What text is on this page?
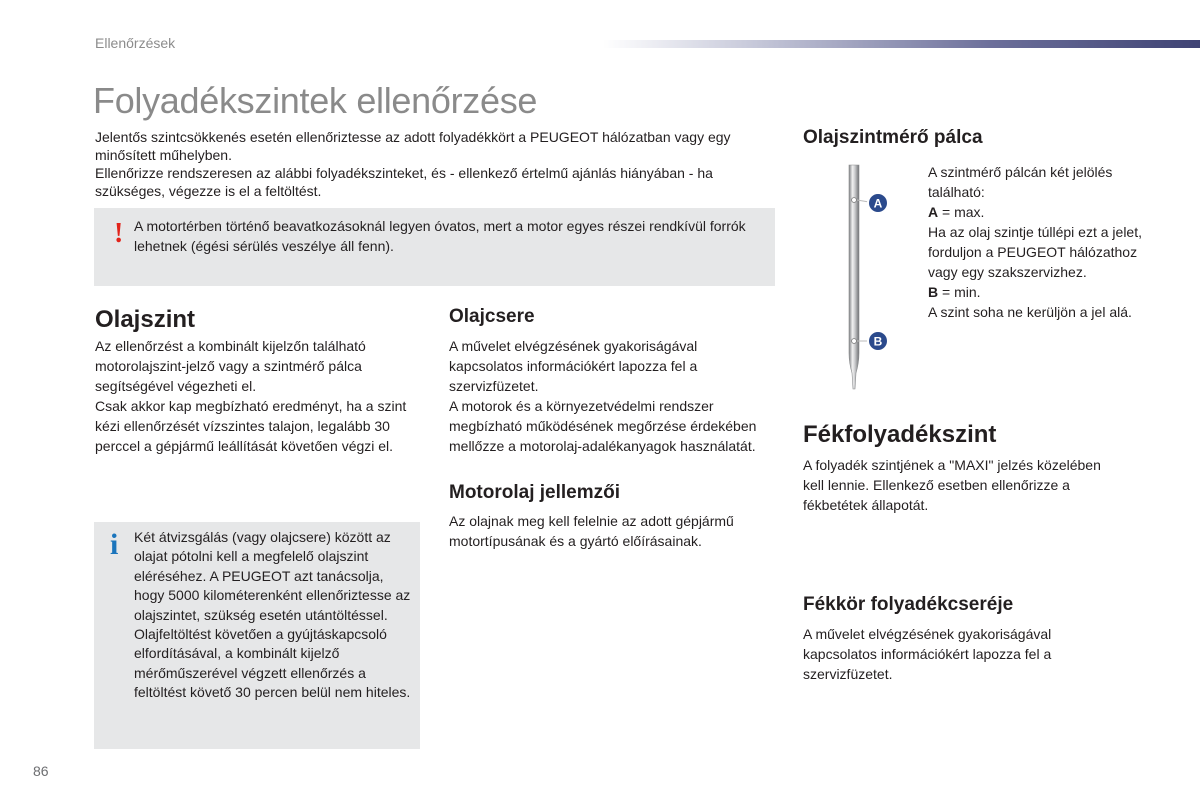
Ellenőrzések
Folyadékszintek ellenőrzése

Jelentős szintcsökkenés esetén ellenőriztesse az adott folyadékkört a PEUGEOT hálózatban vagy egy minősített műhelyben.

Ellenőrizze rendszeresen az alábbi folyadékszinteket, és - ellenkező értelmű ajánlás hiányában - ha szükséges, végezze is el a feltöltést.

! A motortérben történő beavatkozásoknál legyen óvatos, mert a motor egyes részei rendkívül forrók lehetnek (égési sérülés veszélye áll fenn).
Olajszint

Az ellenőrzést a kombinált kijelzőn található motorolajszint-jelző vagy a szintmérő pálca segítségével végezheti el.

Csak akkor kap megbízható eredményt, ha a szint kézi ellenőrzését vízszintes talajon, legalább 30 perccel a gépjármű leállítását követően végzi el.

i Két átvizsgálás (vagy olajcsere) között az olajat pótolni kell a megfelelő olajszint eléréséhez. A PEUGEOT azt tanácsolja, hogy 5000 kilométerenként ellenőriztesse az olajszintet, szükség esetén utántöltéssel.

Olajfeltöltést követően a gyújtáskapcsoló elfordításával, a kombinált kijelző mérőműszerével végzett ellenőrzés a feltöltést követő 30 percen belül nem hiteles.

Olajcsere

A művelet elvégzésének gyakoriságával kapcsolatos információkért lapozza fel a szervizfüzetet.

A motorok és a környezetvédelmi rendszer megbízható működésének megőrzése érdekében mellőzze a motorolaj-adalékanyagok használatát.

Motorolaj jellemzői

Az olajnak meg kell felelnie az adott gépjármű motortípusának és a gyártó előírásainak.

Olajszintmérő pálca
A
B

A szintmérő pálcán két jelölés található:

A = max.

Ha az olaj szintje túllépi ezt a jelet, forduljon a PEUGEOT hálózathoz vagy egy szakszervizhez.

B = min.

A szint soha ne kerüljön a jel alá.

Fékfolyadékszint

A folyadék szintjének a "MAXI" jelzés közelében kell lennie. Ellenkező esetben ellenőrizze a fékbetétek állapotát.

Fékkör folyadékcseréje

A művelet elvégzésének gyakoriságával kapcsolatos információkért lapozza fel a szervizfüzetet.

86
